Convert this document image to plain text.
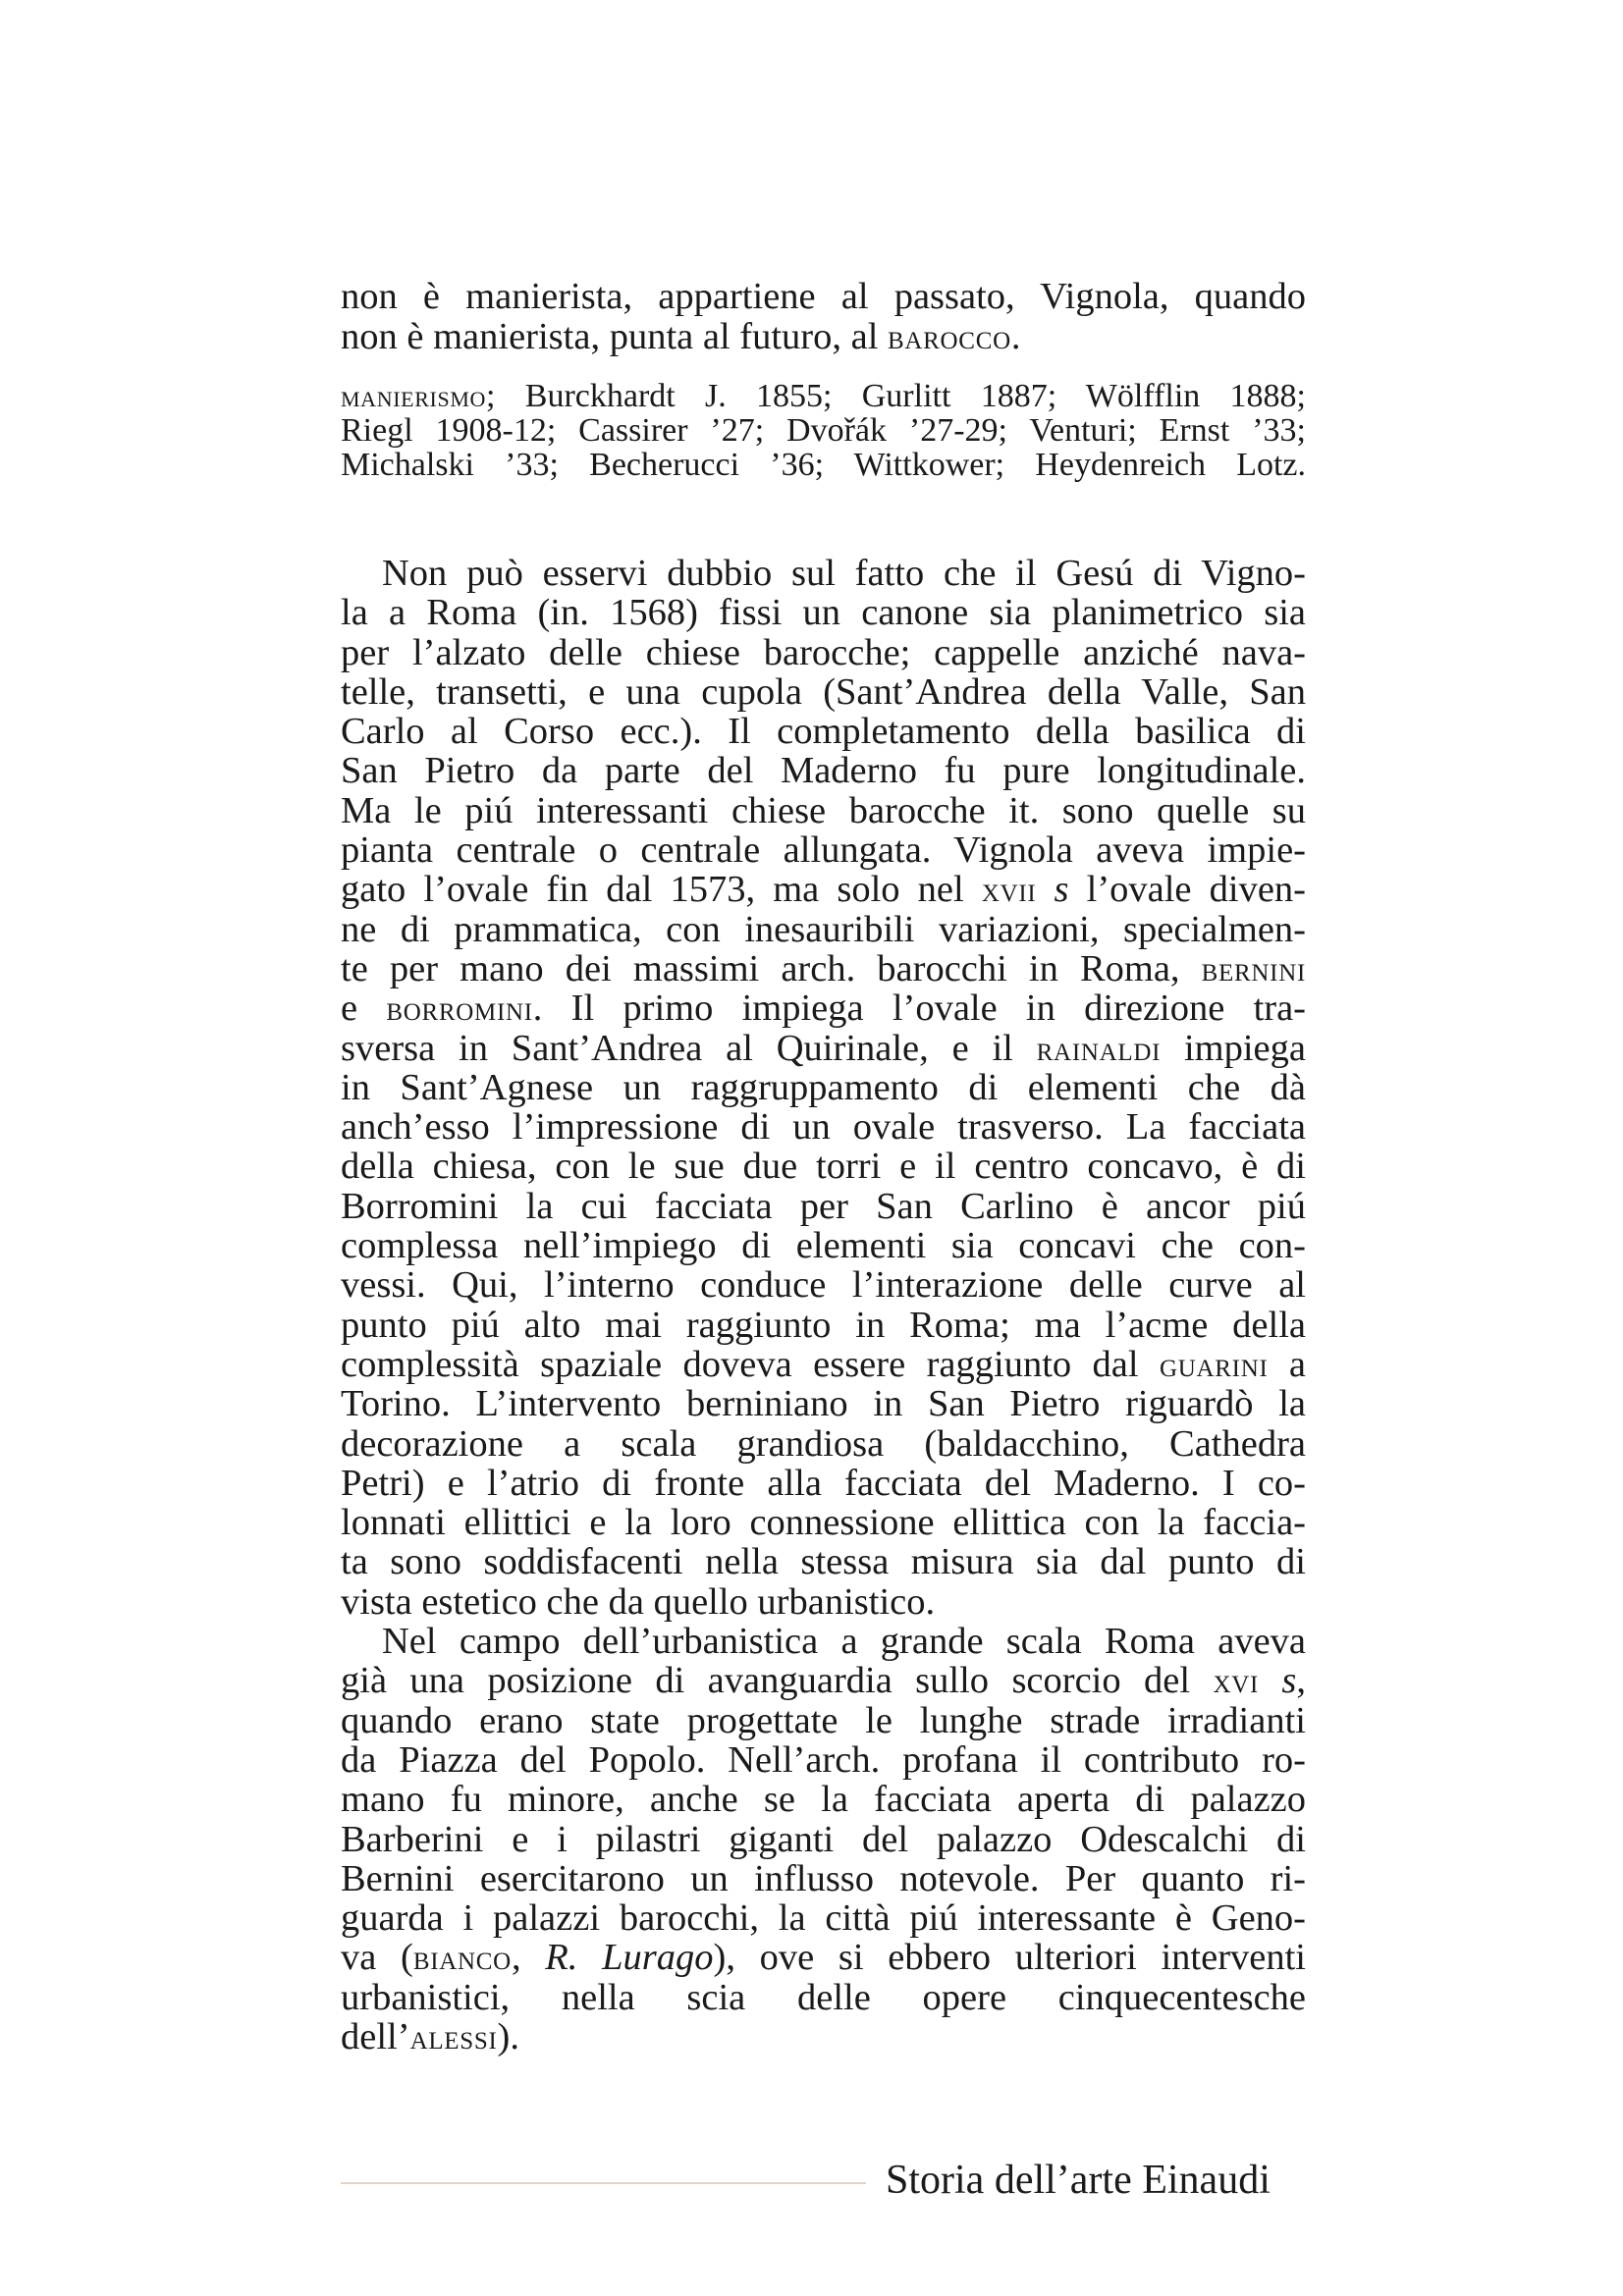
non è manierista, appartiene al passato, Vignola, quando
non è manierista, punta al futuro, al barocco.
manierismo; Burckhardt J. 1855; Gurlitt 1887; Wölfflin 1888;
Riegl 1908-12; Cassirer ’27; Dvořák ’27-29; Venturi; Ernst ’33;
Michalski ’33; Becherucci ’36; Wittkower; Heydenreich Lotz.
Non può esservi dubbio sul fatto che il Gesú di Vigno-
la a Roma (in. 1568) fissi un canone sia planimetrico sia
per l’alzato delle chiese barocche; cappelle anziché nava-
telle, transetti, e una cupola (Sant’Andrea della Valle, San
Carlo al Corso ecc.). Il completamento della basilica di
San Pietro da parte del Maderno fu pure longitudinale.
Ma le piú interessanti chiese barocche it. sono quelle su
pianta centrale o centrale allungata. Vignola aveva impie-
gato l’ovale fin dal 1573, ma solo nel xvii s l’ovale diven-
ne di prammatica, con inesauribili variazioni, specialmen-
te per mano dei massimi arch. barocchi in Roma, bernini
e borromini. Il primo impiega l’ovale in direzione tra-
sversa in Sant’Andrea al Quirinale, e il rainaldi impiega
in Sant’Agnese un raggruppamento di elementi che dà
anch’esso l’impressione di un ovale trasverso. La facciata
della chiesa, con le sue due torri e il centro concavo, è di
Borromini la cui facciata per San Carlino è ancor piú
complessa nell’impiego di elementi sia concavi che con-
vessi. Qui, l’interno conduce l’interazione delle curve al
punto piú alto mai raggiunto in Roma; ma l’acme della
complessità spaziale doveva essere raggiunto dal guarini a
Torino. L’intervento berniniano in San Pietro riguardò la
decorazione a scala grandiosa (baldacchino, Cathedra
Petri) e l’atrio di fronte alla facciata del Maderno. I co-
lonnati ellittici e la loro connessione ellittica con la faccia-
ta sono soddisfacenti nella stessa misura sia dal punto di
vista estetico che da quello urbanistico.
Nel campo dell’urbanistica a grande scala Roma aveva
già una posizione di avanguardia sullo scorcio del xvi s,
quando erano state progettate le lunghe strade irradianti
da Piazza del Popolo. Nell’arch. profana il contributo ro-
mano fu minore, anche se la facciata aperta di palazzo
Barberini e i pilastri giganti del palazzo Odescalchi di
Bernini esercitarono un influsso notevole. Per quanto ri-
guarda i palazzi barocchi, la città piú interessante è Geno-
va (bianco, R. Lurago), ove si ebbero ulteriori interventi
urbanistici, nella scia delle opere cinquecentesche
dell’alessi).
Storia dell’arte Einaudi
